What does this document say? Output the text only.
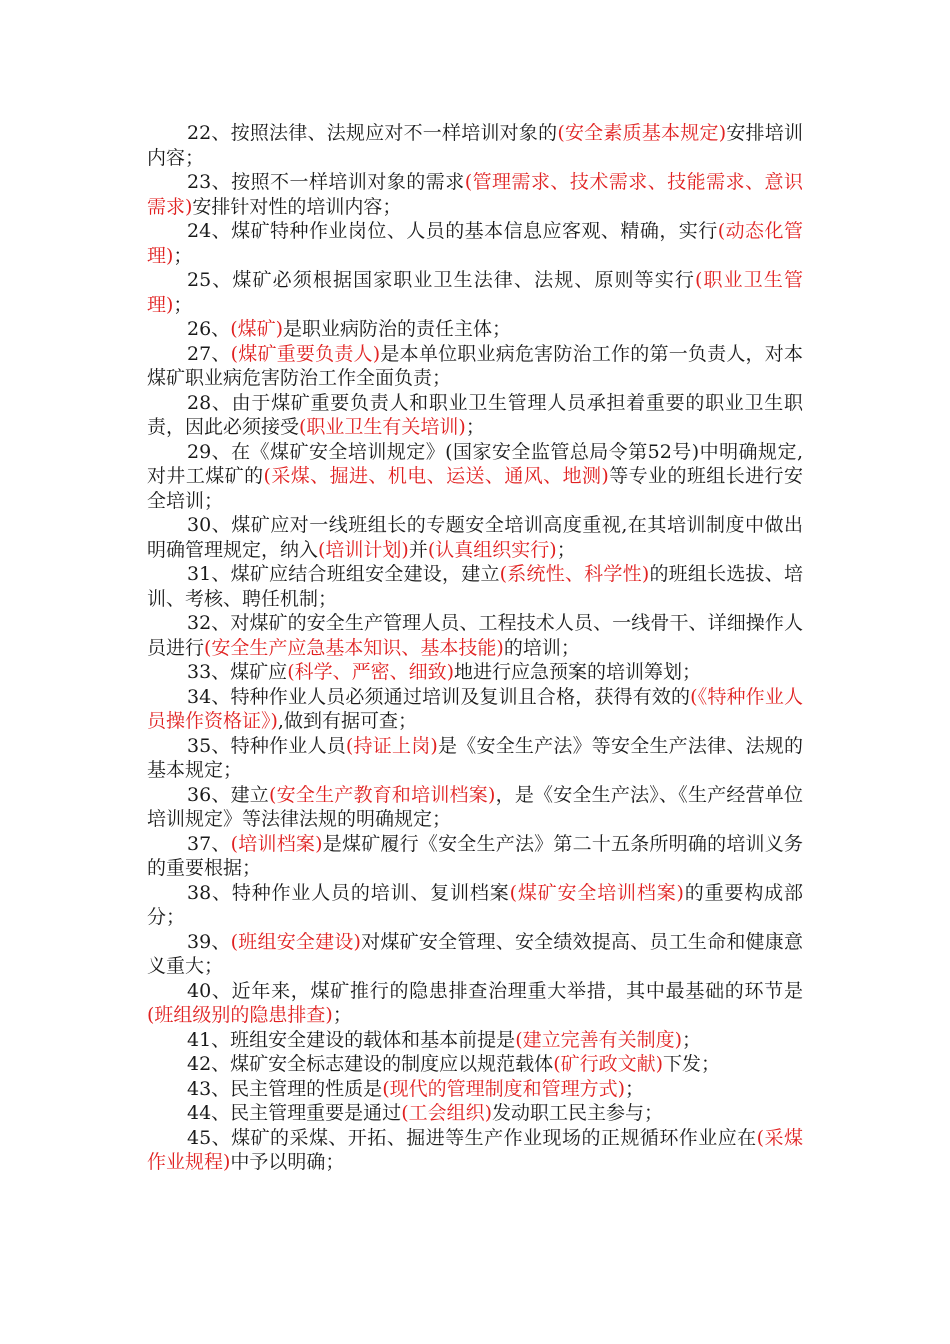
22、按照法律、法规应对不一样培训对象的(安全素质基本规定)安排培训内容；

23、按照不一样培训对象的需求(管理需求、技术需求、技能需求、意识需求)安排针对性的培训内容；

24、煤矿特种作业岗位、人员的基本信息应客观、精确，实行(动态化管理)；

25、煤矿必须根据国家职业卫生法律、法规、原则等实行(职业卫生管理)；

26、(煤矿)是职业病防治的责任主体；

27、(煤矿重要负责人)是本单位职业病危害防治工作的第一负责人，对本煤矿职业病危害防治工作全面负责；

28、由于煤矿重要负责人和职业卫生管理人员承担着重要的职业卫生职责，因此必须接受(职业卫生有关培训)；

29、在《煤矿安全培训规定》(国家安全监管总局令第52号)中明确规定,对井工煤矿的(采煤、掘进、机电、运送、通风、地测)等专业的班组长进行安全培训；

30、煤矿应对一线班组长的专题安全培训高度重视,在其培训制度中做出明确管理规定，纳入(培训计划)并(认真组织实行)；

31、煤矿应结合班组安全建设，建立(系统性、科学性)的班组长选拔、培训、考核、聘任机制；

32、对煤矿的安全生产管理人员、工程技术人员、一线骨干、详细操作人员进行(安全生产应急基本知识、基本技能)的培训；

33、煤矿应(科学、严密、细致)地进行应急预案的培训筹划；

34、特种作业人员必须通过培训及复训且合格，获得有效的(《特种作业人员操作资格证》),做到有据可查；

35、特种作业人员(持证上岗)是《安全生产法》等安全生产法律、法规的基本规定；

36、建立(安全生产教育和培训档案)，是《安全生产法》、《生产经营单位培训规定》等法律法规的明确规定；

37、(培训档案)是煤矿履行《安全生产法》第二十五条所明确的培训义务的重要根据；

38、特种作业人员的培训、复训档案(煤矿安全培训档案)的重要构成部分；

39、(班组安全建设)对煤矿安全管理、安全绩效提高、员工生命和健康意义重大；

40、近年来，煤矿推行的隐患排查治理重大举措，其中最基础的环节是(班组级别的隐患排查)；

41、班组安全建设的载体和基本前提是(建立完善有关制度)；

42、煤矿安全标志建设的制度应以规范载体(矿行政文献)下发；

43、民主管理的性质是(现代的管理制度和管理方式)；

44、民主管理重要是通过(工会组织)发动职工民主参与；

45、煤矿的采煤、开拓、掘进等生产作业现场的正规循环作业应在(采煤作业规程)中予以明确；
